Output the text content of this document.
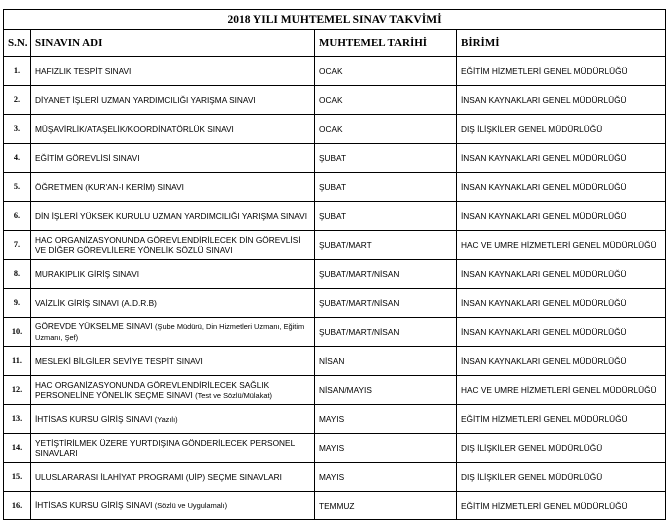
2018 YILI MUHTEMEL SINAV TAKVİMİ			
S.N.	SINAVIN ADI	MUHTEMEL TARİHİ	BİRİMİ
1.	HAFIZLIK TESPİT SINAVI	OCAK	EĞİTİM HİZMETLERİ GENEL MÜDÜRLÜĞÜ
2.	DİYANET İŞLERİ UZMAN YARDIMCILIĞI YARIŞMA SINAVI	OCAK	İNSAN KAYNAKLARI GENEL MÜDÜRLÜĞÜ
3.	MÜŞAVİRLİK/ATAŞELİK/KOORDİNATÖRLÜK SINAVI	OCAK	DIŞ İLİŞKİLER GENEL MÜDÜRLÜĞÜ
4.	EĞİTİM GÖREVLİSİ SINAVI	ŞUBAT	İNSAN KAYNAKLARI GENEL MÜDÜRLÜĞÜ
5.	ÖĞRETMEN (KUR'AN-I KERİM) SINAVI	ŞUBAT	İNSAN KAYNAKLARI GENEL MÜDÜRLÜĞÜ
6.	DİN İŞLERİ YÜKSEK KURULU UZMAN YARDIMCILIĞI YARIŞMA SINAVI	ŞUBAT	İNSAN KAYNAKLARI GENEL MÜDÜRLÜĞÜ
7.	HAC ORGANİZASYONUNDA GÖREVLENDİRİLECEK DİN GÖREVLİSİ VE DİĞER GÖREVLİLERE YÖNELİK SÖZLÜ SINAVI	ŞUBAT/MART	HAC VE UMRE HİZMETLERİ GENEL MÜDÜRLÜĞÜ
8.	MURAKIPLIK GİRİŞ SINAVI	ŞUBAT/MART/NİSAN	İNSAN KAYNAKLARI GENEL MÜDÜRLÜĞÜ
9.	VAİZLİK GİRİŞ SINAVI (A.D.R.B)	ŞUBAT/MART/NİSAN	İNSAN KAYNAKLARI GENEL MÜDÜRLÜĞÜ
10.	GÖREVDE YÜKSELME SINAVI (Şube Müdürü, Din Hizmetleri Uzmanı, Eğitim Uzmanı, Şef)	ŞUBAT/MART/NİSAN	İNSAN KAYNAKLARI GENEL MÜDÜRLÜĞÜ
11.	MESLEKİ BİLGİLER SEVİYE TESPİT SINAVI	NİSAN	İNSAN KAYNAKLARI GENEL MÜDÜRLÜĞÜ
12.	HAC ORGANİZASYONUNDA GÖREVLENDİRİLECEK SAĞLIK PERSONELİNE YÖNELİK SEÇME SINAVI (Test ve Sözlü/Mülakat)	NİSAN/MAYIS	HAC VE UMRE HİZMETLERİ GENEL MÜDÜRLÜĞÜ
13.	İHTİSAS KURSU GİRİŞ SINAVI (Yazılı)	MAYIS	EĞİTİM HİZMETLERİ GENEL MÜDÜRLÜĞÜ
14.	YETİŞTİRİLMEK ÜZERE YURTDIŞINA GÖNDERİLECEK PERSONEL SINAVLARI	MAYIS	DIŞ İLİŞKİLER GENEL MÜDÜRLÜĞÜ
15.	ULUSLARARASI İLAHİYAT PROGRAMI (UİP) SEÇME SINAVLARI	MAYIS	DIŞ İLİŞKİLER GENEL MÜDÜRLÜĞÜ
16.	İHTİSAS KURSU GİRİŞ SINAVI (Sözlü ve Uygulamalı)	TEMMUZ	EĞİTİM HİZMETLERİ GENEL MÜDÜRLÜĞÜ
